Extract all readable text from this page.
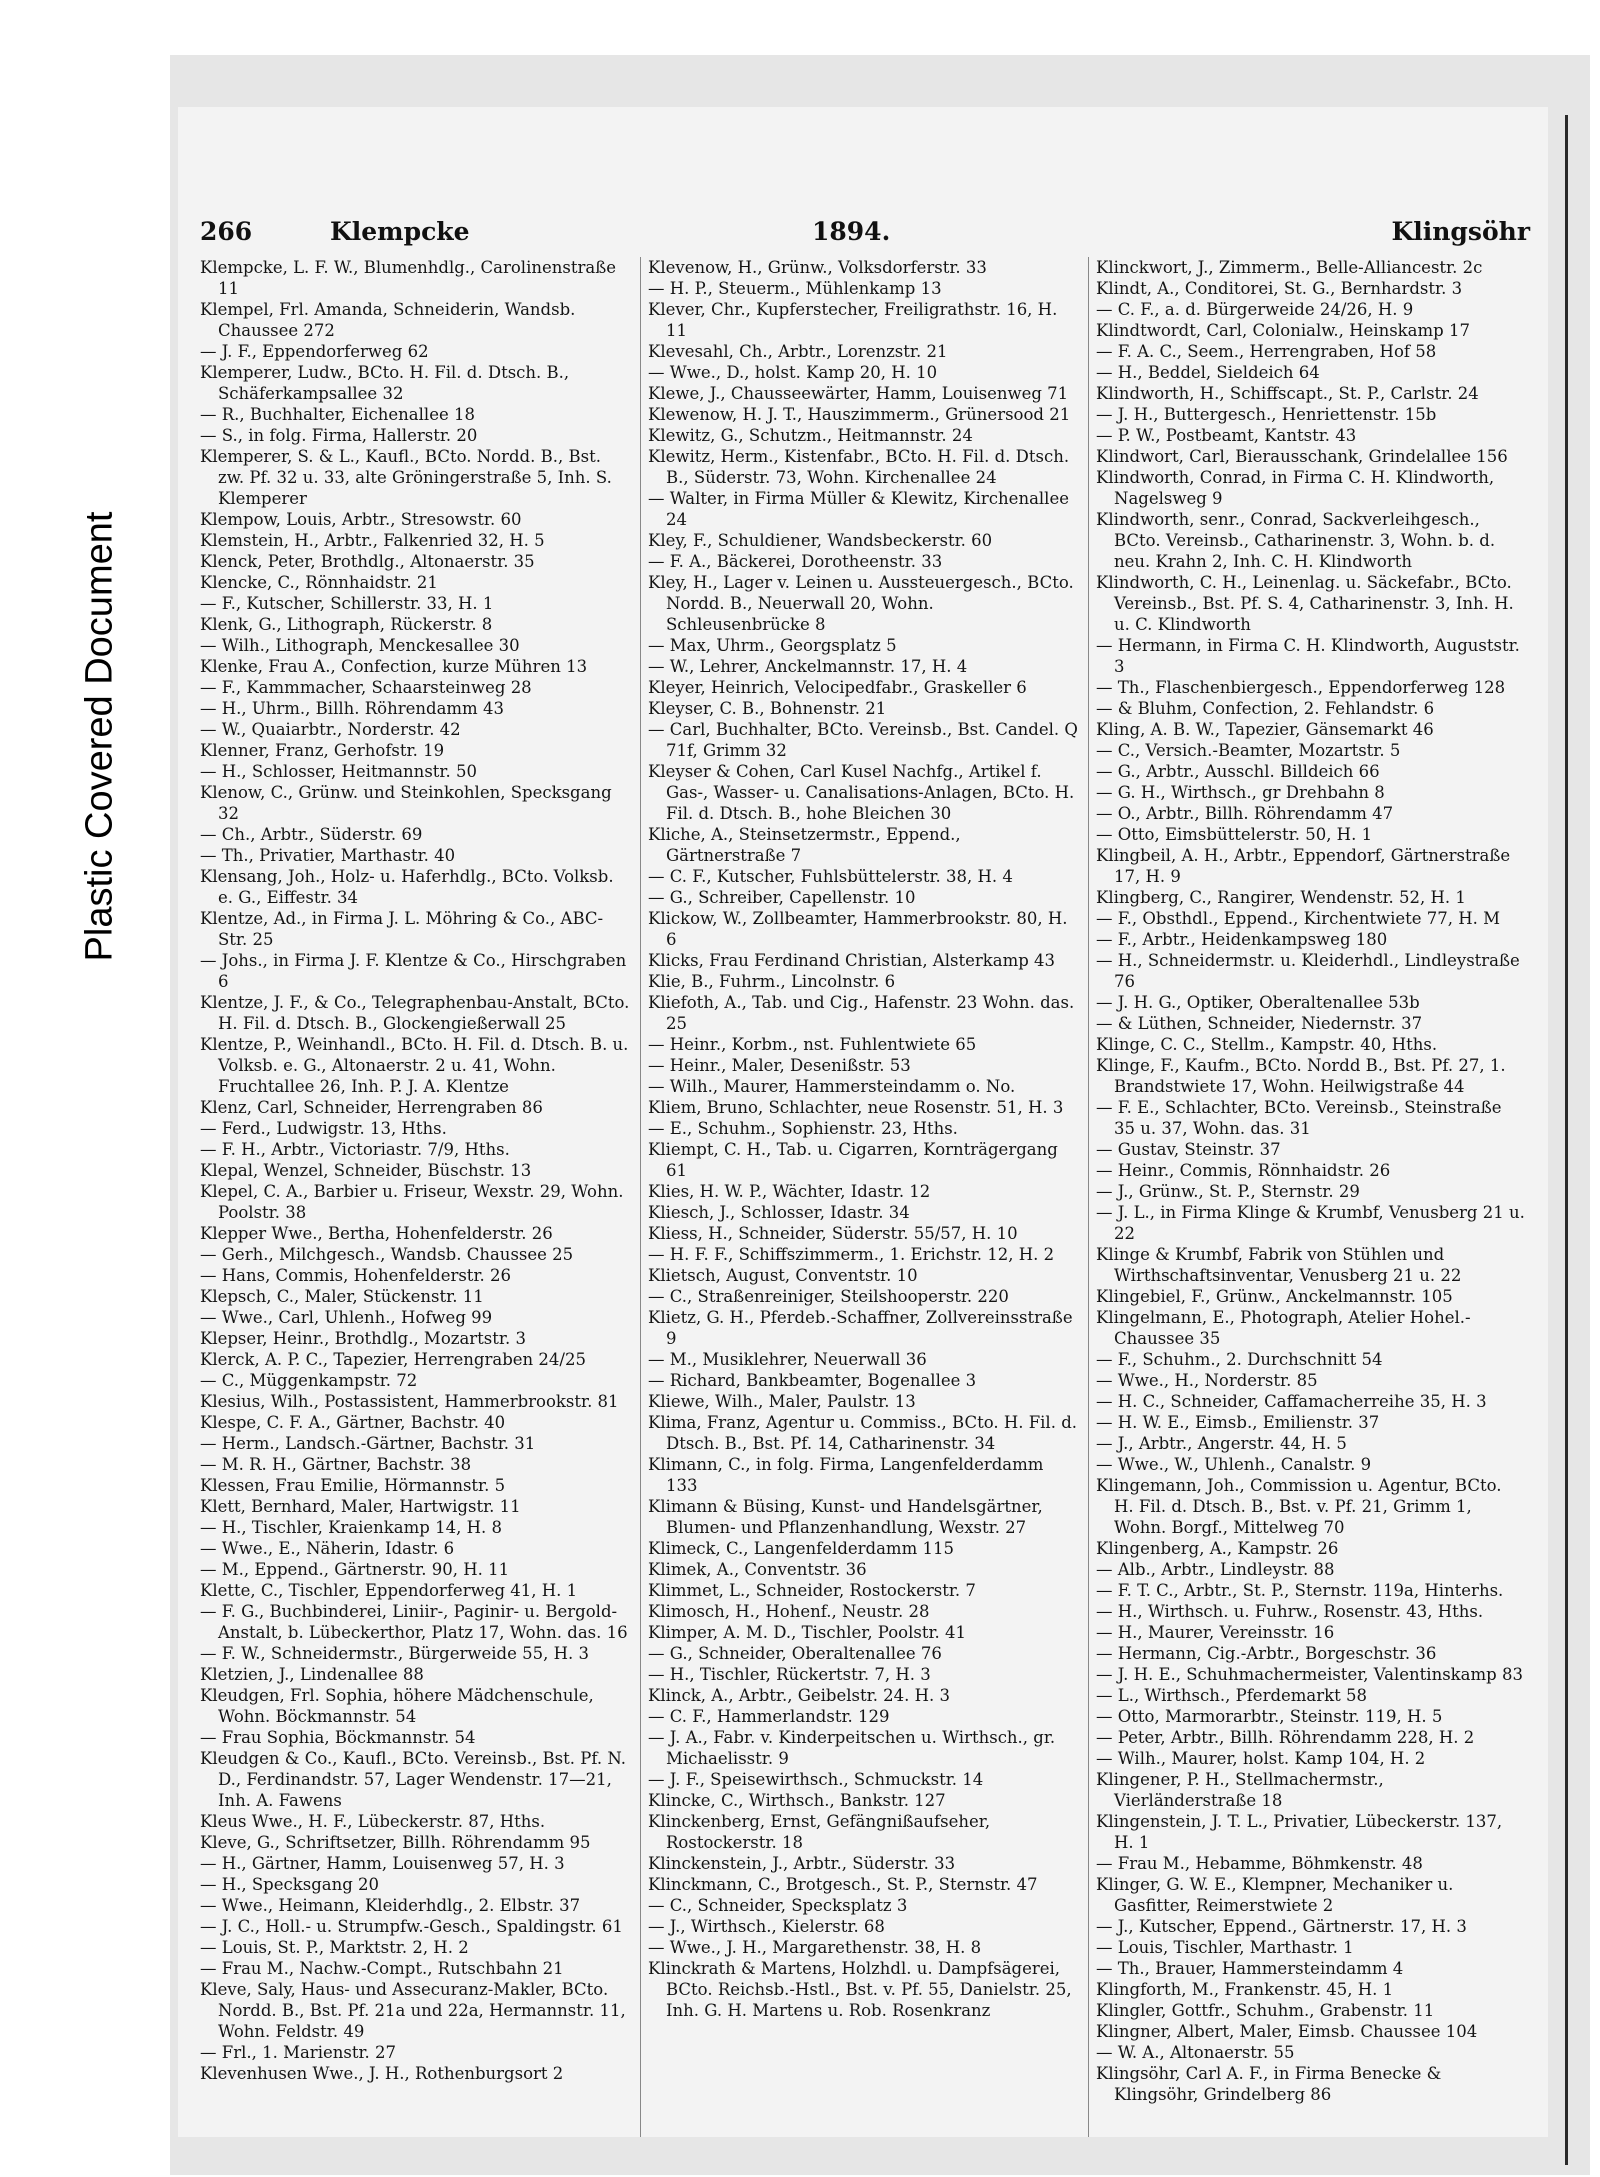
Plastic Covered Document
266	Klempcke	1894.	Klingsöhr

Klempcke, L. F. W., Blumenhdlg., Carolinenstraße 11

Klempel, Frl. Amanda, Schneiderin, Wandsb. Chaussee 272

— J. F., Eppendorferweg 62

Klemperer, Ludw., BCto. H. Fil. d. Dtsch. B., Schäferkampsallee 32

— R., Buchhalter, Eichenallee 18

— S., in folg. Firma, Hallerstr. 20

Klemperer, S. & L., Kaufl., BCto. Nordd. B., Bst. zw. Pf. 32 u. 33, alte Gröningerstraße 5, Inh. S. Klemperer

Klempow, Louis, Arbtr., Stresowstr. 60

Klemstein, H., Arbtr., Falkenried 32, H. 5

Klenck, Peter, Brothdlg., Altonaerstr. 35

Klencke, C., Rönnhaidstr. 21

— F., Kutscher, Schillerstr. 33, H. 1

Klenk, G., Lithograph, Rückerstr. 8

— Wilh., Lithograph, Menckesallee 30

Klenke, Frau A., Confection, kurze Mühren 13

— F., Kammmacher, Schaarsteinweg 28

— H., Uhrm., Billh. Röhrendamm 43

— W., Quaiarbtr., Norderstr. 42

Klenner, Franz, Gerhofstr. 19

— H., Schlosser, Heitmannstr. 50

Klenow, C., Grünw. und Steinkohlen, Specksgang 32

— Ch., Arbtr., Süderstr. 69

— Th., Privatier, Marthastr. 40

Klensang, Joh., Holz- u. Haferhdlg., BCto. Volksb. e. G., Eiffestr. 34

Klentze, Ad., in Firma J. L. Möhring & Co., ABC-Str. 25

— Johs., in Firma J. F. Klentze & Co., Hirschgraben 6

Klentze, J. F., & Co., Telegraphenbau-Anstalt, BCto. H. Fil. d. Dtsch. B., Glockengießerwall 25

Klentze, P., Weinhandl., BCto. H. Fil. d. Dtsch. B. u. Volksb. e. G., Altonaerstr. 2 u. 41, Wohn. Fruchtallee 26, Inh. P. J. A. Klentze

Klenz, Carl, Schneider, Herrengraben 86

— Ferd., Ludwigstr. 13, Hths.

— F. H., Arbtr., Victoriastr. 7/9, Hths.

Klepal, Wenzel, Schneider, Büschstr. 13

Klepel, C. A., Barbier u. Friseur, Wexstr. 29, Wohn. Poolstr. 38

Klepper Wwe., Bertha, Hohenfelderstr. 26

— Gerh., Milchgesch., Wandsb. Chaussee 25

— Hans, Commis, Hohenfelderstr. 26

Klepsch, C., Maler, Stückenstr. 11

— Wwe., Carl, Uhlenh., Hofweg 99

Klepser, Heinr., Brothdlg., Mozartstr. 3

Klerck, A. P. C., Tapezier, Herrengraben 24/25

— C., Müggenkampstr. 72

Klesius, Wilh., Postassistent, Hammerbrookstr. 81

Klespe, C. F. A., Gärtner, Bachstr. 40

— Herm., Landsch.-Gärtner, Bachstr. 31

— M. R. H., Gärtner, Bachstr. 38

Klessen, Frau Emilie, Hörmannstr. 5

Klett, Bernhard, Maler, Hartwigstr. 11

— H., Tischler, Kraienkamp 14, H. 8

— Wwe., E., Näherin, Idastr. 6

— M., Eppend., Gärtnerstr. 90, H. 11

Klette, C., Tischler, Eppendorferweg 41, H. 1

— F. G., Buchbinderei, Liniir-, Paginir- u. Bergold-Anstalt, b. Lübeckerthor, Platz 17, Wohn. das. 16

— F. W., Schneidermstr., Bürgerweide 55, H. 3

Kletzien, J., Lindenallee 88

Kleudgen, Frl. Sophia, höhere Mädchenschule, Wohn. Böckmannstr. 54

— Frau Sophia, Böckmannstr. 54

Kleudgen & Co., Kaufl., BCto. Vereinsb., Bst. Pf. N. D., Ferdinandstr. 57, Lager Wendenstr. 17—21, Inh. A. Fawens

Kleus Wwe., H. F., Lübeckerstr. 87, Hths.

Kleve, G., Schriftsetzer, Billh. Röhrendamm 95

— H., Gärtner, Hamm, Louisenweg 57, H. 3

— H., Specksgang 20

— Wwe., Heimann, Kleiderhdlg., 2. Elbstr. 37

— J. C., Holl.- u. Strumpfw.-Gesch., Spaldingstr. 61

— Louis, St. P., Marktstr. 2, H. 2

— Frau M., Nachw.-Compt., Rutschbahn 21

Kleve, Saly, Haus- und Assecuranz-Makler, BCto. Nordd. B., Bst. Pf. 21a und 22a, Hermannstr. 11, Wohn. Feldstr. 49

— Frl., 1. Marienstr. 27

Klevenhusen Wwe., J. H., Rothenburgsort 2

Klevenow, H., Grünw., Volksdorferstr. 33

— H. P., Steuerm., Mühlenkamp 13

Klever, Chr., Kupferstecher, Freiligrathstr. 16, H. 11

Klevesahl, Ch., Arbtr., Lorenzstr. 21

— Wwe., D., holst. Kamp 20, H. 10

Klewe, J., Chausseewärter, Hamm, Louisenweg 71

Klewenow, H. J. T., Hauszimmerm., Grünersood 21

Klewitz, G., Schutzm., Heitmannstr. 24

Klewitz, Herm., Kistenfabr., BCto. H. Fil. d. Dtsch. B., Süderstr. 73, Wohn. Kirchenallee 24

— Walter, in Firma Müller & Klewitz, Kirchenallee 24

Kley, F., Schuldiener, Wandsbeckerstr. 60

— F. A., Bäckerei, Dorotheenstr. 33

Kley, H., Lager v. Leinen u. Aussteuergesch., BCto. Nordd. B., Neuerwall 20, Wohn. Schleusenbrücke 8

— Max, Uhrm., Georgsplatz 5

— W., Lehrer, Anckelmannstr. 17, H. 4

Kleyer, Heinrich, Velocipedfabr., Graskeller 6

Kleyser, C. B., Bohnenstr. 21

— Carl, Buchhalter, BCto. Vereinsb., Bst. Candel. Q 71f, Grimm 32

Kleyser & Cohen, Carl Kusel Nachfg., Artikel f. Gas-, Wasser- u. Canalisations-Anlagen, BCto. H. Fil. d. Dtsch. B., hohe Bleichen 30

Kliche, A., Steinsetzermstr., Eppend., Gärtnerstraße 7

— C. F., Kutscher, Fuhlsbüttelerstr. 38, H. 4

— G., Schreiber, Capellenstr. 10

Klickow, W., Zollbeamter, Hammerbrookstr. 80, H. 6

Klicks, Frau Ferdinand Christian, Alsterkamp 43

Klie, B., Fuhrm., Lincolnstr. 6

Kliefoth, A., Tab. und Cig., Hafenstr. 23 Wohn. das. 25

— Heinr., Korbm., nst. Fuhlentwiete 65

— Heinr., Maler, Desenißstr. 53

— Wilh., Maurer, Hammersteindamm o. No.

Kliem, Bruno, Schlachter, neue Rosenstr. 51, H. 3

— E., Schuhm., Sophienstr. 23, Hths.

Kliempt, C. H., Tab. u. Cigarren, Kornträgergang 61

Klies, H. W. P., Wächter, Idastr. 12

Kliesch, J., Schlosser, Idastr. 34

Kliess, H., Schneider, Süderstr. 55/57, H. 10

— H. F. F., Schiffszimmerm., 1. Erichstr. 12, H. 2

Klietsch, August, Conventstr. 10

— C., Straßenreiniger, Steilshooperstr. 220

Klietz, G. H., Pferdeb.-Schaffner, Zollvereinsstraße 9

— M., Musiklehrer, Neuerwall 36

— Richard, Bankbeamter, Bogenallee 3

Kliewe, Wilh., Maler, Paulstr. 13

Klima, Franz, Agentur u. Commiss., BCto. H. Fil. d. Dtsch. B., Bst. Pf. 14, Catharinenstr. 34

Klimann, C., in folg. Firma, Langenfelderdamm 133

Klimann & Büsing, Kunst- und Handelsgärtner, Blumen- und Pflanzenhandlung, Wexstr. 27

Klimeck, C., Langenfelderdamm 115

Klimek, A., Conventstr. 36

Klimmet, L., Schneider, Rostockerstr. 7

Klimosch, H., Hohenf., Neustr. 28

Klimper, A. M. D., Tischler, Poolstr. 41

— G., Schneider, Oberaltenallee 76

— H., Tischler, Rückertstr. 7, H. 3

Klinck, A., Arbtr., Geibelstr. 24. H. 3

— C. F., Hammerlandstr. 129

— J. A., Fabr. v. Kinderpeitschen u. Wirthsch., gr. Michaelisstr. 9

— J. F., Speisewirthsch., Schmuckstr. 14

Klincke, C., Wirthsch., Bankstr. 127

Klinckenberg, Ernst, Gefängnißaufseher, Rostockerstr. 18

Klinckenstein, J., Arbtr., Süderstr. 33

Klinckmann, C., Brotgesch., St. P., Sternstr. 47

— C., Schneider, Specksplatz 3

— J., Wirthsch., Kielerstr. 68

— Wwe., J. H., Margarethenstr. 38, H. 8

Klinckrath & Martens, Holzhdl. u. Dampfsägerei, BCto. Reichsb.-Hstl., Bst. v. Pf. 55, Danielstr. 25, Inh. G. H. Martens u. Rob. Rosenkranz

Klinckwort, J., Zimmerm., Belle-Alliancestr. 2c

Klindt, A., Conditorei, St. G., Bernhardstr. 3

— C. F., a. d. Bürgerweide 24/26, H. 9

Klindtwordt, Carl, Colonialw., Heinskamp 17

— F. A. C., Seem., Herrengraben, Hof 58

— H., Beddel, Sieldeich 64

Klindworth, H., Schiffscapt., St. P., Carlstr. 24

— J. H., Buttergesch., Henriettenstr. 15b

— P. W., Postbeamt, Kantstr. 43

Klindwort, Carl, Bierausschank, Grindelallee 156

Klindworth, Conrad, in Firma C. H. Klindworth, Nagelsweg 9

Klindworth, senr., Conrad, Sackverleihgesch., BCto. Vereinsb., Catharinenstr. 3, Wohn. b. d. neu. Krahn 2, Inh. C. H. Klindworth

Klindworth, C. H., Leinenlag. u. Säckefabr., BCto. Vereinsb., Bst. Pf. S. 4, Catharinenstr. 3, Inh. H. u. C. Klindworth

— Hermann, in Firma C. H. Klindworth, Auguststr. 3

— Th., Flaschenbiergesch., Eppendorferweg 128

— & Bluhm, Confection, 2. Fehlandstr. 6

Kling, A. B. W., Tapezier, Gänsemarkt 46

— C., Versich.-Beamter, Mozartstr. 5

— G., Arbtr., Ausschl. Billdeich 66

— G. H., Wirthsch., gr Drehbahn 8

— O., Arbtr., Billh. Röhrendamm 47

— Otto, Eimsbüttelerstr. 50, H. 1

Klingbeil, A. H., Arbtr., Eppendorf, Gärtnerstraße 17, H. 9

Klingberg, C., Rangirer, Wendenstr. 52, H. 1

— F., Obsthdl., Eppend., Kirchentwiete 77, H. M

— F., Arbtr., Heidenkampsweg 180

— H., Schneidermstr. u. Kleiderhdl., Lindleystraße 76

— J. H. G., Optiker, Oberaltenallee 53b

— & Lüthen, Schneider, Niedernstr. 37

Klinge, C. C., Stellm., Kampstr. 40, Hths.

Klinge, F., Kaufm., BCto. Nordd B., Bst. Pf. 27, 1. Brandstwiete 17, Wohn. Heilwigstraße 44

— F. E., Schlachter, BCto. Vereinsb., Steinstraße 35 u. 37, Wohn. das. 31

— Gustav, Steinstr. 37

— Heinr., Commis, Rönnhaidstr. 26

— J., Grünw., St. P., Sternstr. 29

— J. L., in Firma Klinge & Krumbf, Venusberg 21 u. 22

Klinge & Krumbf, Fabrik von Stühlen und Wirthschaftsinventar, Venusberg 21 u. 22

Klingebiel, F., Grünw., Anckelmannstr. 105

Klingelmann, E., Photograph, Atelier Hohel.-Chaussee 35

— F., Schuhm., 2. Durchschnitt 54

— Wwe., H., Norderstr. 85

— H. C., Schneider, Caffamacherreihe 35, H. 3

— H. W. E., Eimsb., Emilienstr. 37

— J., Arbtr., Angerstr. 44, H. 5

— Wwe., W., Uhlenh., Canalstr. 9

Klingemann, Joh., Commission u. Agentur, BCto. H. Fil. d. Dtsch. B., Bst. v. Pf. 21, Grimm 1, Wohn. Borgf., Mittelweg 70

Klingenberg, A., Kampstr. 26

— Alb., Arbtr., Lindleystr. 88

— F. T. C., Arbtr., St. P., Sternstr. 119a, Hinterhs.

— H., Wirthsch. u. Fuhrw., Rosenstr. 43, Hths.

— H., Maurer, Vereinsstr. 16

— Hermann, Cig.-Arbtr., Borgeschstr. 36

— J. H. E., Schuhmachermeister, Valentinskamp 83

— L., Wirthsch., Pferdemarkt 58

— Otto, Marmorarbtr., Steinstr. 119, H. 5

— Peter, Arbtr., Billh. Röhrendamm 228, H. 2

— Wilh., Maurer, holst. Kamp 104, H. 2

Klingener, P. H., Stellmachermstr., Vierländerstraße 18

Klingenstein, J. T. L., Privatier, Lübeckerstr. 137, H. 1

— Frau M., Hebamme, Böhmkenstr. 48

Klinger, G. W. E., Klempner, Mechaniker u. Gasfitter, Reimerstwiete 2

— J., Kutscher, Eppend., Gärtnerstr. 17, H. 3

— Louis, Tischler, Marthastr. 1

— Th., Brauer, Hammersteindamm 4

Klingforth, M., Frankenstr. 45, H. 1

Klingler, Gottfr., Schuhm., Grabenstr. 11

Klingner, Albert, Maler, Eimsb. Chaussee 104

— W. A., Altonaerstr. 55

Klingsöhr, Carl A. F., in Firma Benecke & Klingsöhr, Grindelberg 86
